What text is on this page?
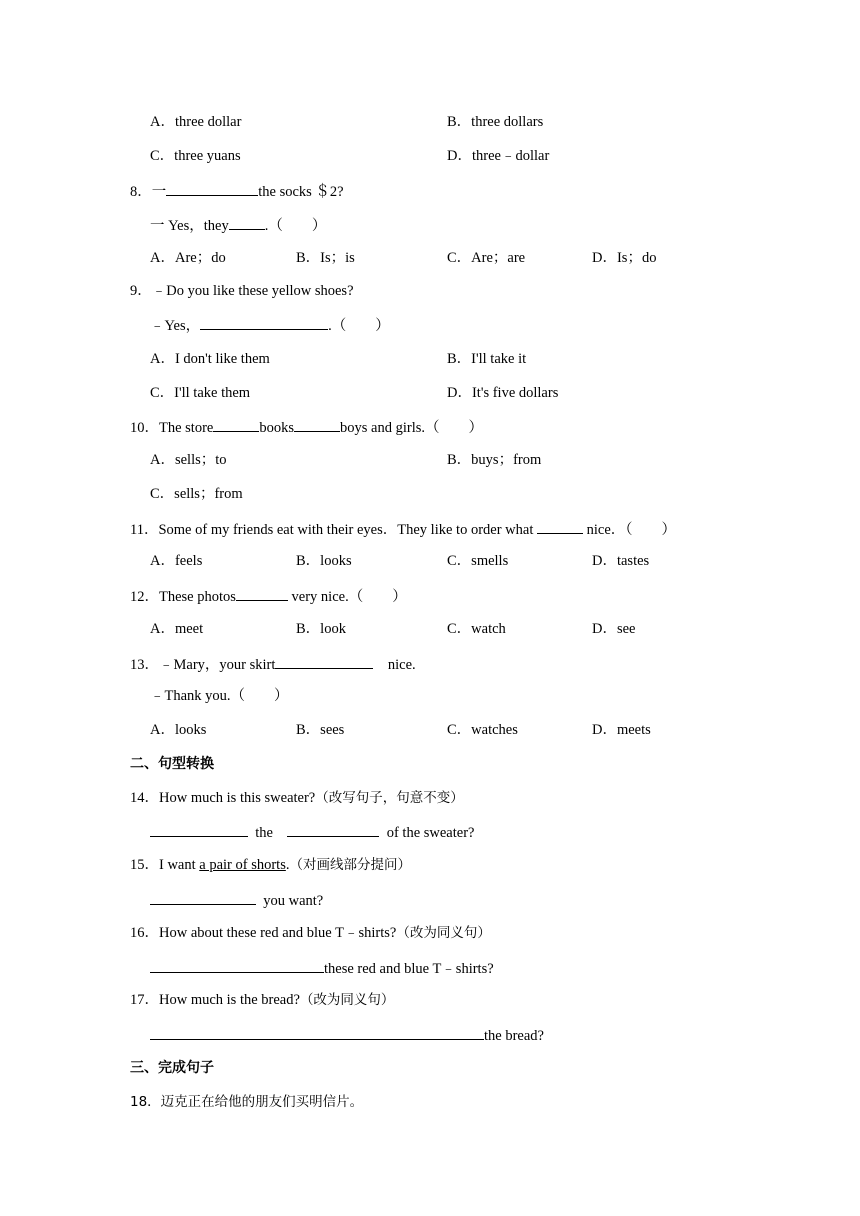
A．three dollar	B．three dollars
C．three yuans	D．three﹣dollar
8．一	the socks ＄2?
一 Yes，they .（　　）
A．Are；do	B．Is；is	C．Are；are	D．Is；do
9．﹣Do you like these yellow shoes?
﹣Yes，	.（　　）
A．I don't like them	B．I'll take it
C．I'll take them	D．It's five dollars
10．The store	books	boys and girls.（　　）
A．sells；to	B．buys；from
C．sells；from
11．Some of my friends eat with their eyes．They like to order what	nice．（　　）
A．feels	B．looks	C．smells	D．tastes
12．These photos	very nice.（　　）
A．meet	B．look	C．watch	D．see
13．﹣Mary，your skirt	nice.
﹣Thank you.（　　）
A．looks	B．sees	C．watches	D．meets
二、句型转换
14．How much is this sweater?（改写句子，句意不变）
the	of the sweater?
15．I want a pair of shorts.（对画线部分提问）
you want?
16．How about these red and blue T﹣shirts?（改为同义句）
these red and blue T﹣shirts?
17．How much is the bread?（改为同义句）
the bread?
三、完成句子
18．迈克正在给他的朋友们买明信片。
